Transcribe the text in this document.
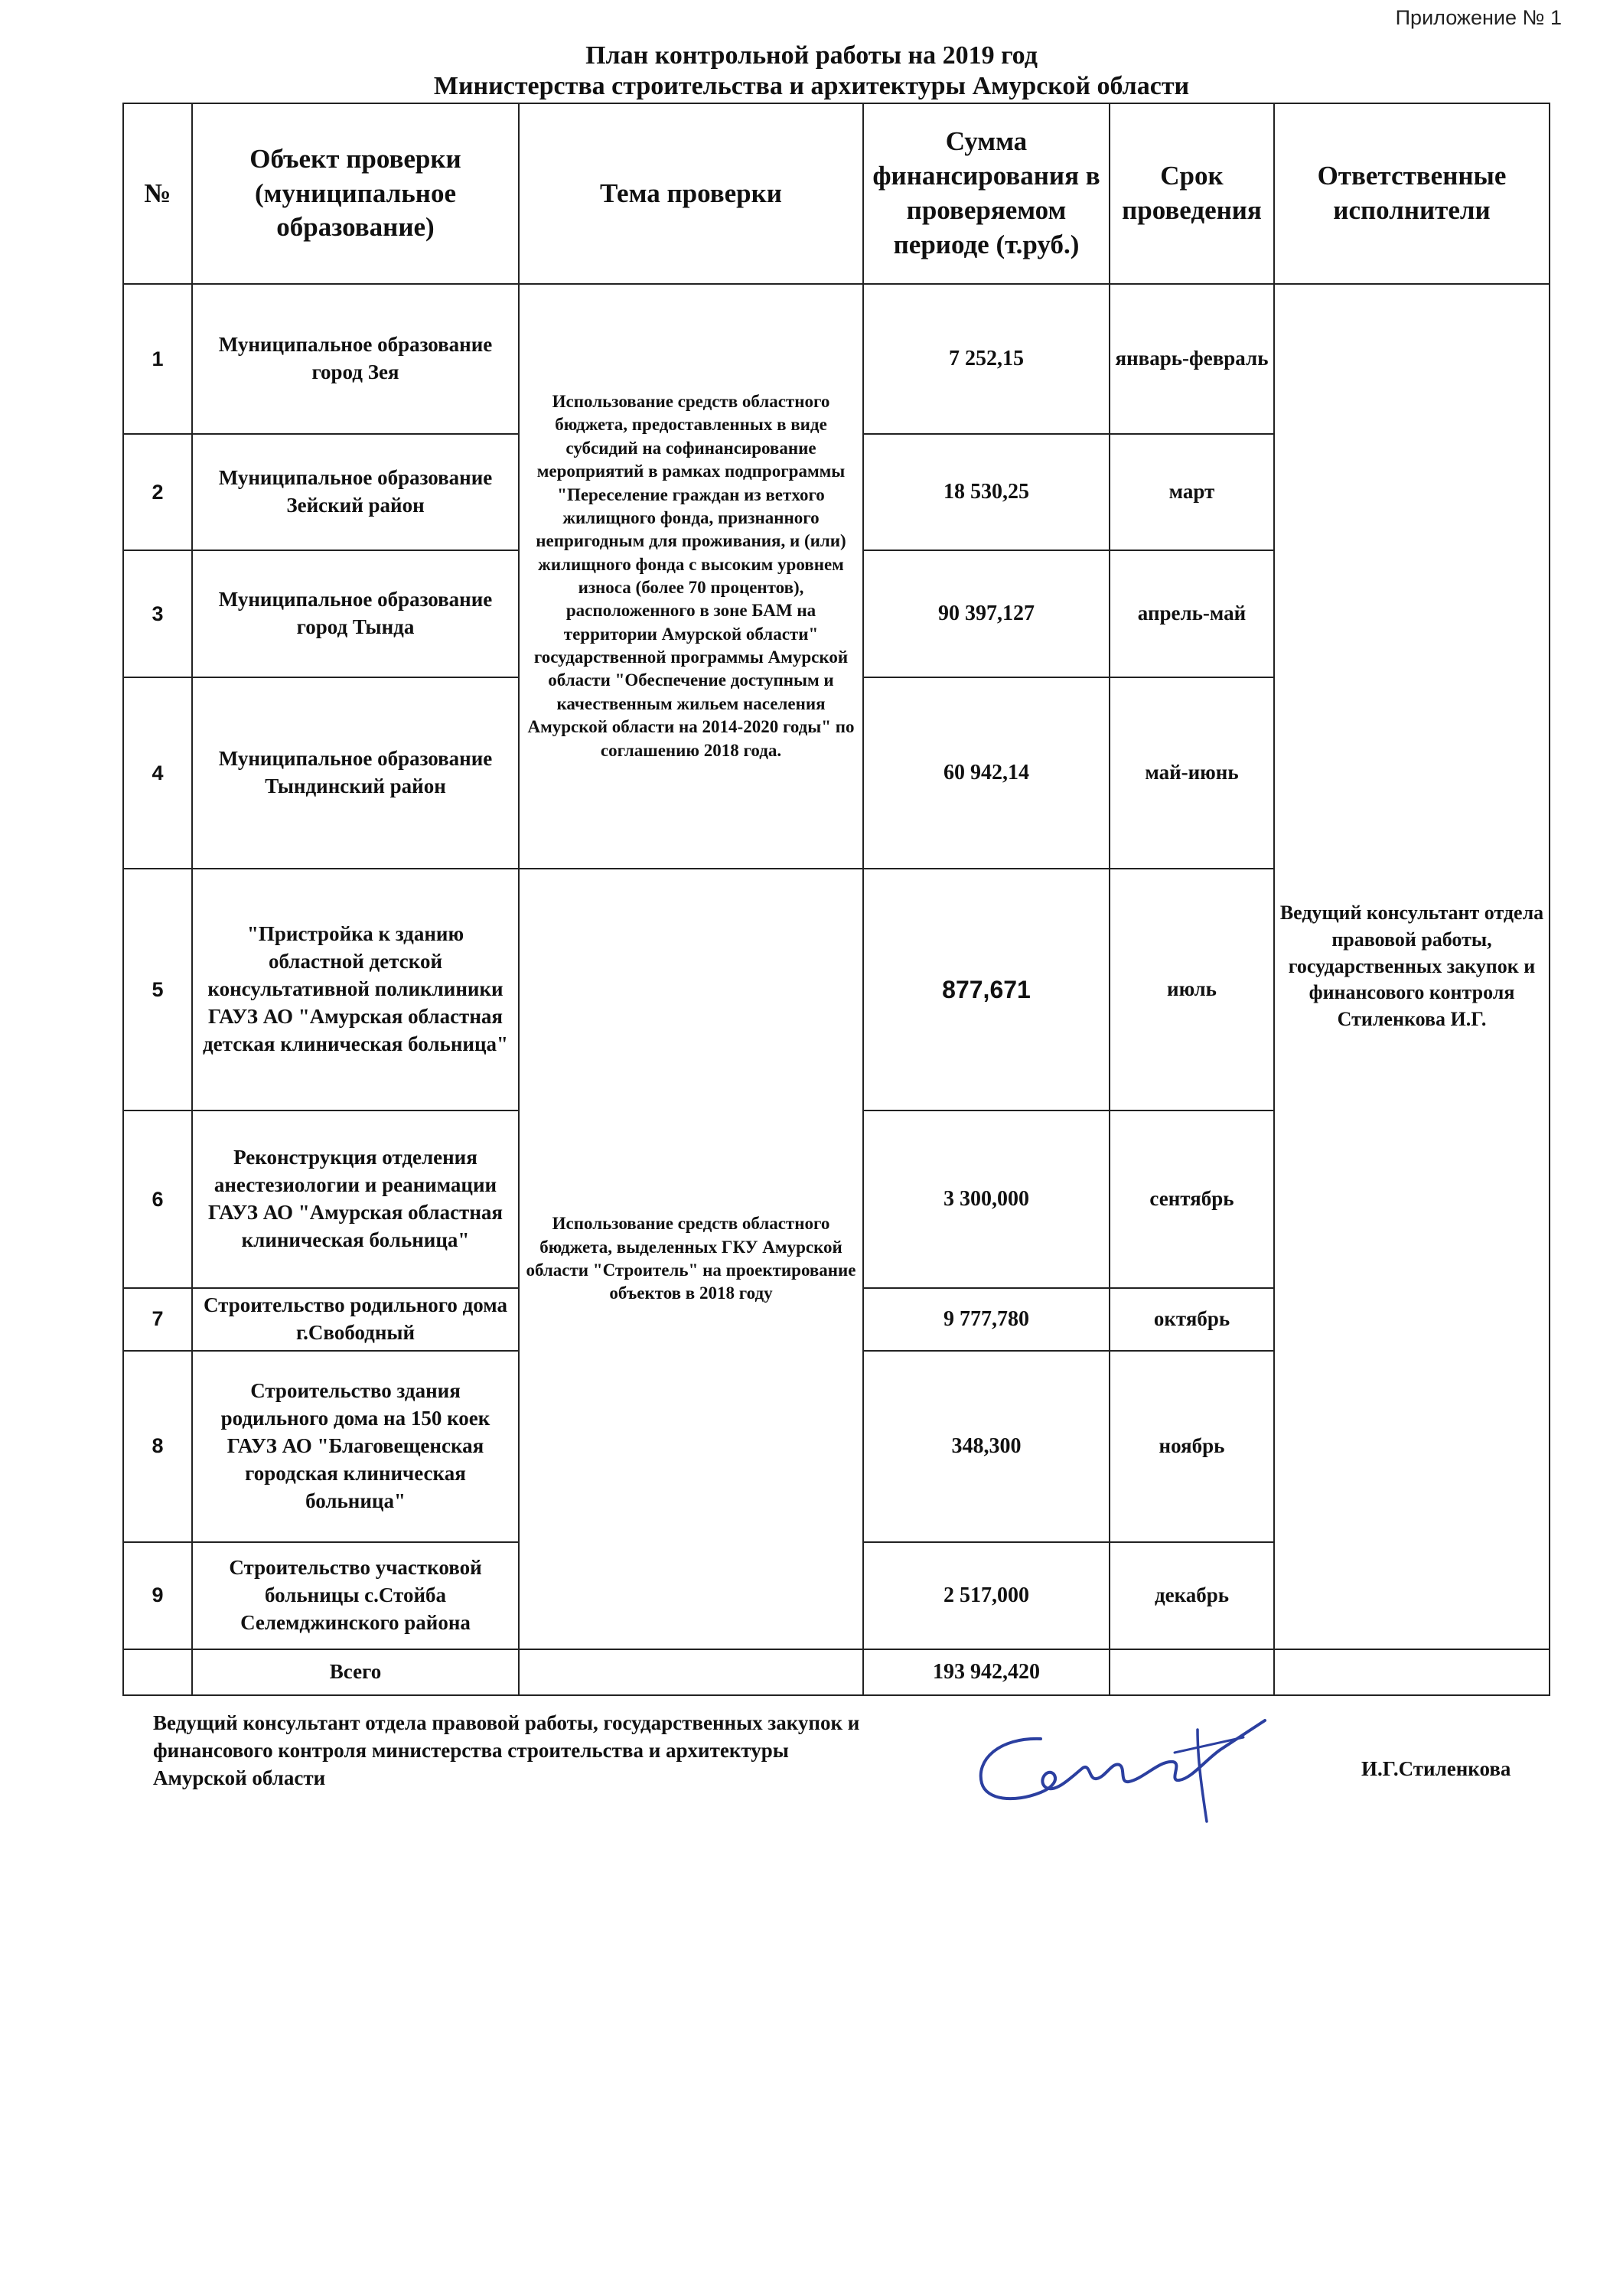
Приложение № 1
План контрольной работы на 2019 год
Министерства строительства и архитектуры Амурской области
№	Объект проверки (муниципальное образование)	Тема проверки	Сумма финансирования в проверяемом периоде (т.руб.)	Срок проведения	Ответственные исполнители
1	Муниципальное образование город Зея	Использование средств областного бюджета, предоставленных в виде субсидий на софинансирование мероприятий в рамках подпрограммы "Переселение граждан из ветхого жилищного фонда, признанного непригодным для проживания, и (или) жилищного фонда с высоким уровнем износа (более 70 процентов), расположенного в зоне БАМ на территории Амурской области" государственной программы Амурской области "Обеспечение доступным и качественным жильем населения Амурской области на 2014-2020 годы" по соглашению 2018 года.	7 252,15	январь-февраль	Ведущий консультант отдела правовой работы, государственных закупок и финансового контроля Стиленкова И.Г.
2	Муниципальное образование Зейский район		18 530,25	март	
3	Муниципальное образование город Тында		90 397,127	апрель-май	
4	Муниципальное образование Тындинский район		60 942,14	май-июнь	
5	"Пристройка к зданию областной детской консультативной поликлиники ГАУЗ АО "Амурская областная детская клиническая больница"	Использование средств областного бюджета, выделенных ГКУ Амурской области "Строитель" на проектирование объектов в 2018 году	877,671	июль	
6	Реконструкция отделения анестезиологии и реанимации ГАУЗ АО "Амурская областная клиническая больница"		3 300,000	сентябрь	
7	Строительство родильного дома г.Свободный		9 777,780	октябрь	
8	Строительство здания родильного дома на 150 коек ГАУЗ АО "Благовещенская городская клиническая больница"		348,300	ноябрь	
9	Строительство участковой больницы с.Стойба Селемджинского района		2 517,000	декабрь	
	Всего		193 942,420		
Ведущий консультант отдела правовой работы, государственных закупок и финансового контроля министерства строительства и архитектуры Амурской области	И.Г.Стиленкова
